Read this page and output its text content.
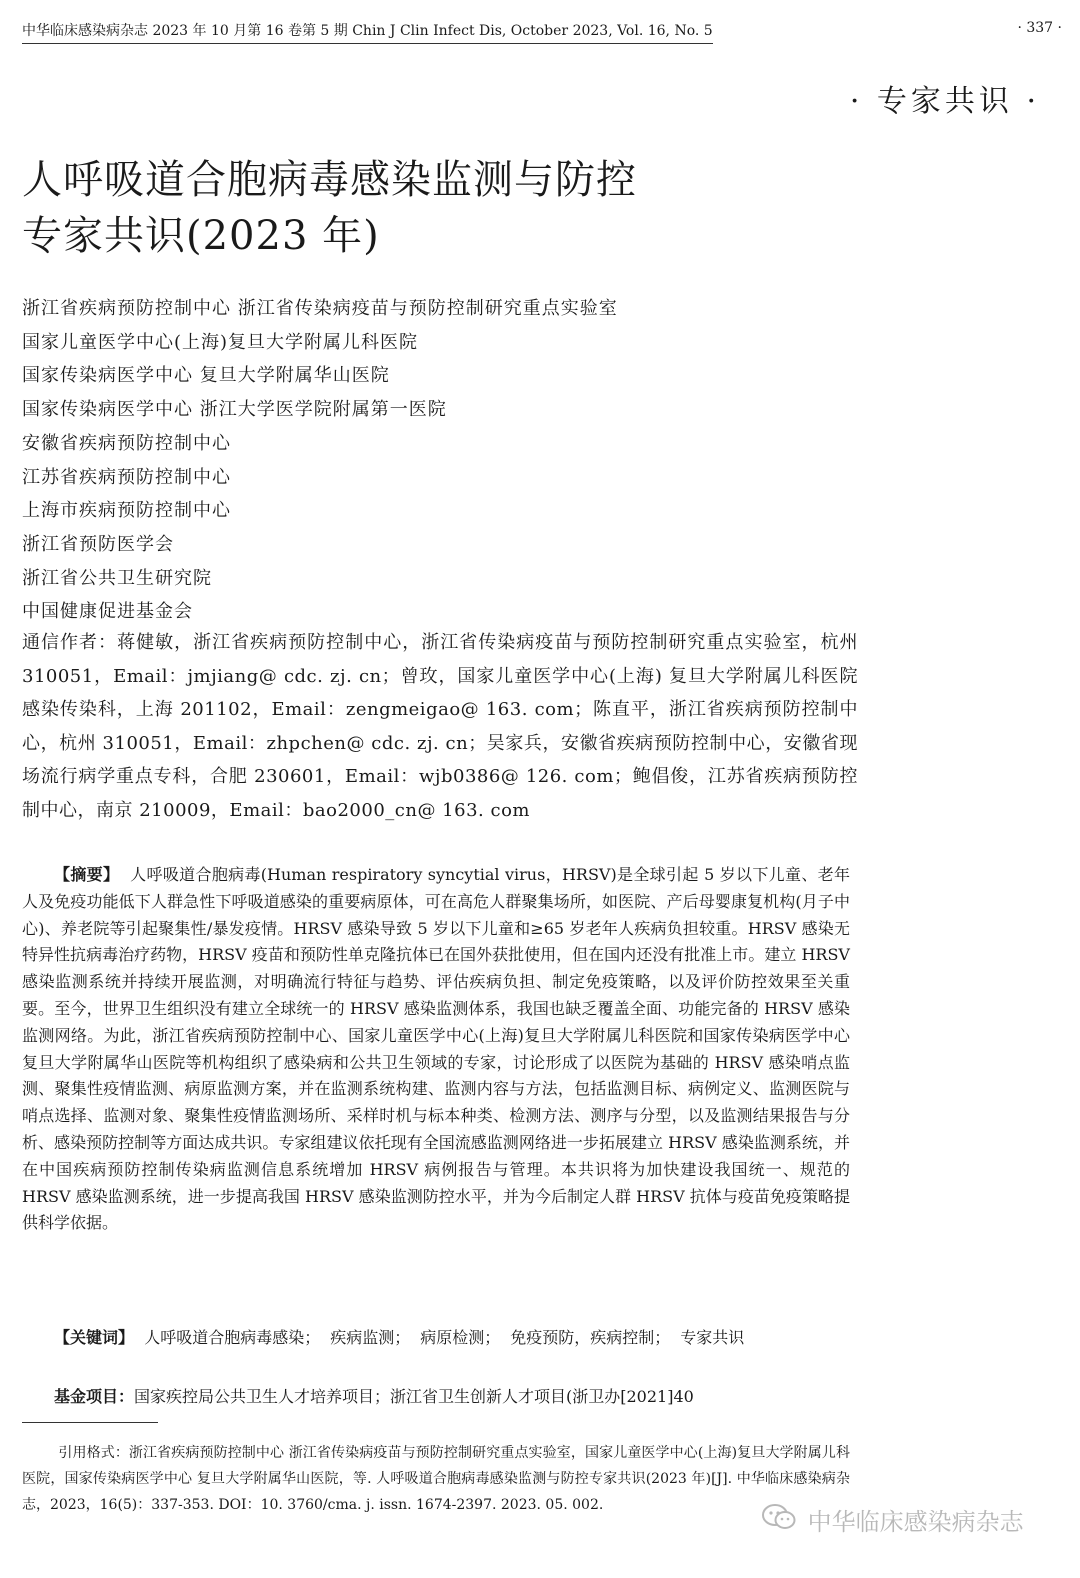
中华临床感染病杂志 2023 年 10 月第 16 卷第 5 期 Chin J Clin Infect Dis, October 2023, Vol. 16, No. 5	· 337 ·
· 专家共识 ·
人呼吸道合胞病毒感染监测与防控
专家共识(2023 年)
浙江省疾病预防控制中心 浙江省传染病疫苗与预防控制研究重点实验室
国家儿童医学中心(上海)复旦大学附属儿科医院
国家传染病医学中心 复旦大学附属华山医院
国家传染病医学中心 浙江大学医学院附属第一医院
安徽省疾病预防控制中心
江苏省疾病预防控制中心
上海市疾病预防控制中心
浙江省预防医学会
浙江省公共卫生研究院
中国健康促进基金会
通信作者：蒋健敏，浙江省疾病预防控制中心，浙江省传染病疫苗与预防控制研究重点实验室，杭州 310051，Email：jmjiang@ cdc. zj. cn；曾玫，国家儿童医学中心(上海) 复旦大学附属儿科医院感染传染科，上海 201102，Email：zengmeigao@ 163. com；陈直平，浙江省疾病预防控制中心，杭州 310051，Email：zhpchen@ cdc. zj. cn；吴家兵，安徽省疾病预防控制中心，安徽省现场流行病学重点专科，合肥 230601，Email：wjb0386@ 126. com；鲍倡俊，江苏省疾病预防控制中心，南京 210009，Email：bao2000_cn@ 163. com

【摘要】 人呼吸道合胞病毒(Human respiratory syncytial virus，HRSV)是全球引起 5 岁以下儿童、老年人及免疫功能低下人群急性下呼吸道感染的重要病原体，可在高危人群聚集场所，如医院、产后母婴康复机构(月子中心)、养老院等引起聚集性/暴发疫情。HRSV 感染导致 5 岁以下儿童和≥65 岁老年人疾病负担较重。HRSV 感染无特异性抗病毒治疗药物，HRSV 疫苗和预防性单克隆抗体已在国外获批使用，但在国内还没有批准上市。建立 HRSV 感染监测系统并持续开展监测，对明确流行特征与趋势、评估疾病负担、制定免疫策略，以及评价防控效果至关重要。至今，世界卫生组织没有建立全球统一的 HRSV 感染监测体系，我国也缺乏覆盖全面、功能完备的 HRSV 感染监测网络。为此，浙江省疾病预防控制中心、国家儿童医学中心(上海)复旦大学附属儿科医院和国家传染病医学中心复旦大学附属华山医院等机构组织了感染病和公共卫生领域的专家，讨论形成了以医院为基础的 HRSV 感染哨点监测、聚集性疫情监测、病原监测方案，并在监测系统构建、监测内容与方法，包括监测目标、病例定义、监测医院与哨点选择、监测对象、聚集性疫情监测场所、采样时机与标本种类、检测方法、测序与分型，以及监测结果报告与分析、感染预防控制等方面达成共识。专家组建议依托现有全国流感监测网络进一步拓展建立 HRSV 感染监测系统，并在中国疾病预防控制传染病监测信息系统增加 HRSV 病例报告与管理。本共识将为加快建设我国统一、规范的 HRSV 感染监测系统，进一步提高我国 HRSV 感染监测防控水平，并为今后制定人群 HRSV 抗体与疫苗免疫策略提供科学依据。

【关键词】 人呼吸道合胞病毒感染； 疾病监测； 病原检测； 免疫预防，疾病控制； 专家共识
基金项目：国家疾控局公共卫生人才培养项目；浙江省卫生创新人才项目(浙卫办[2021]40
引用格式：浙江省疾病预防控制中心 浙江省传染病疫苗与预防控制研究重点实验室，国家儿童医学中心(上海)复旦大学附属儿科医院，国家传染病医学中心 复旦大学附属华山医院，等. 人呼吸道合胞病毒感染监测与防控专家共识(2023 年)[J]. 中华临床感染病杂志，2023，16(5)：337-353. DOI：10. 3760/cma. j. issn. 1674-2397. 2023. 05. 002.
中华临床感染病杂志
